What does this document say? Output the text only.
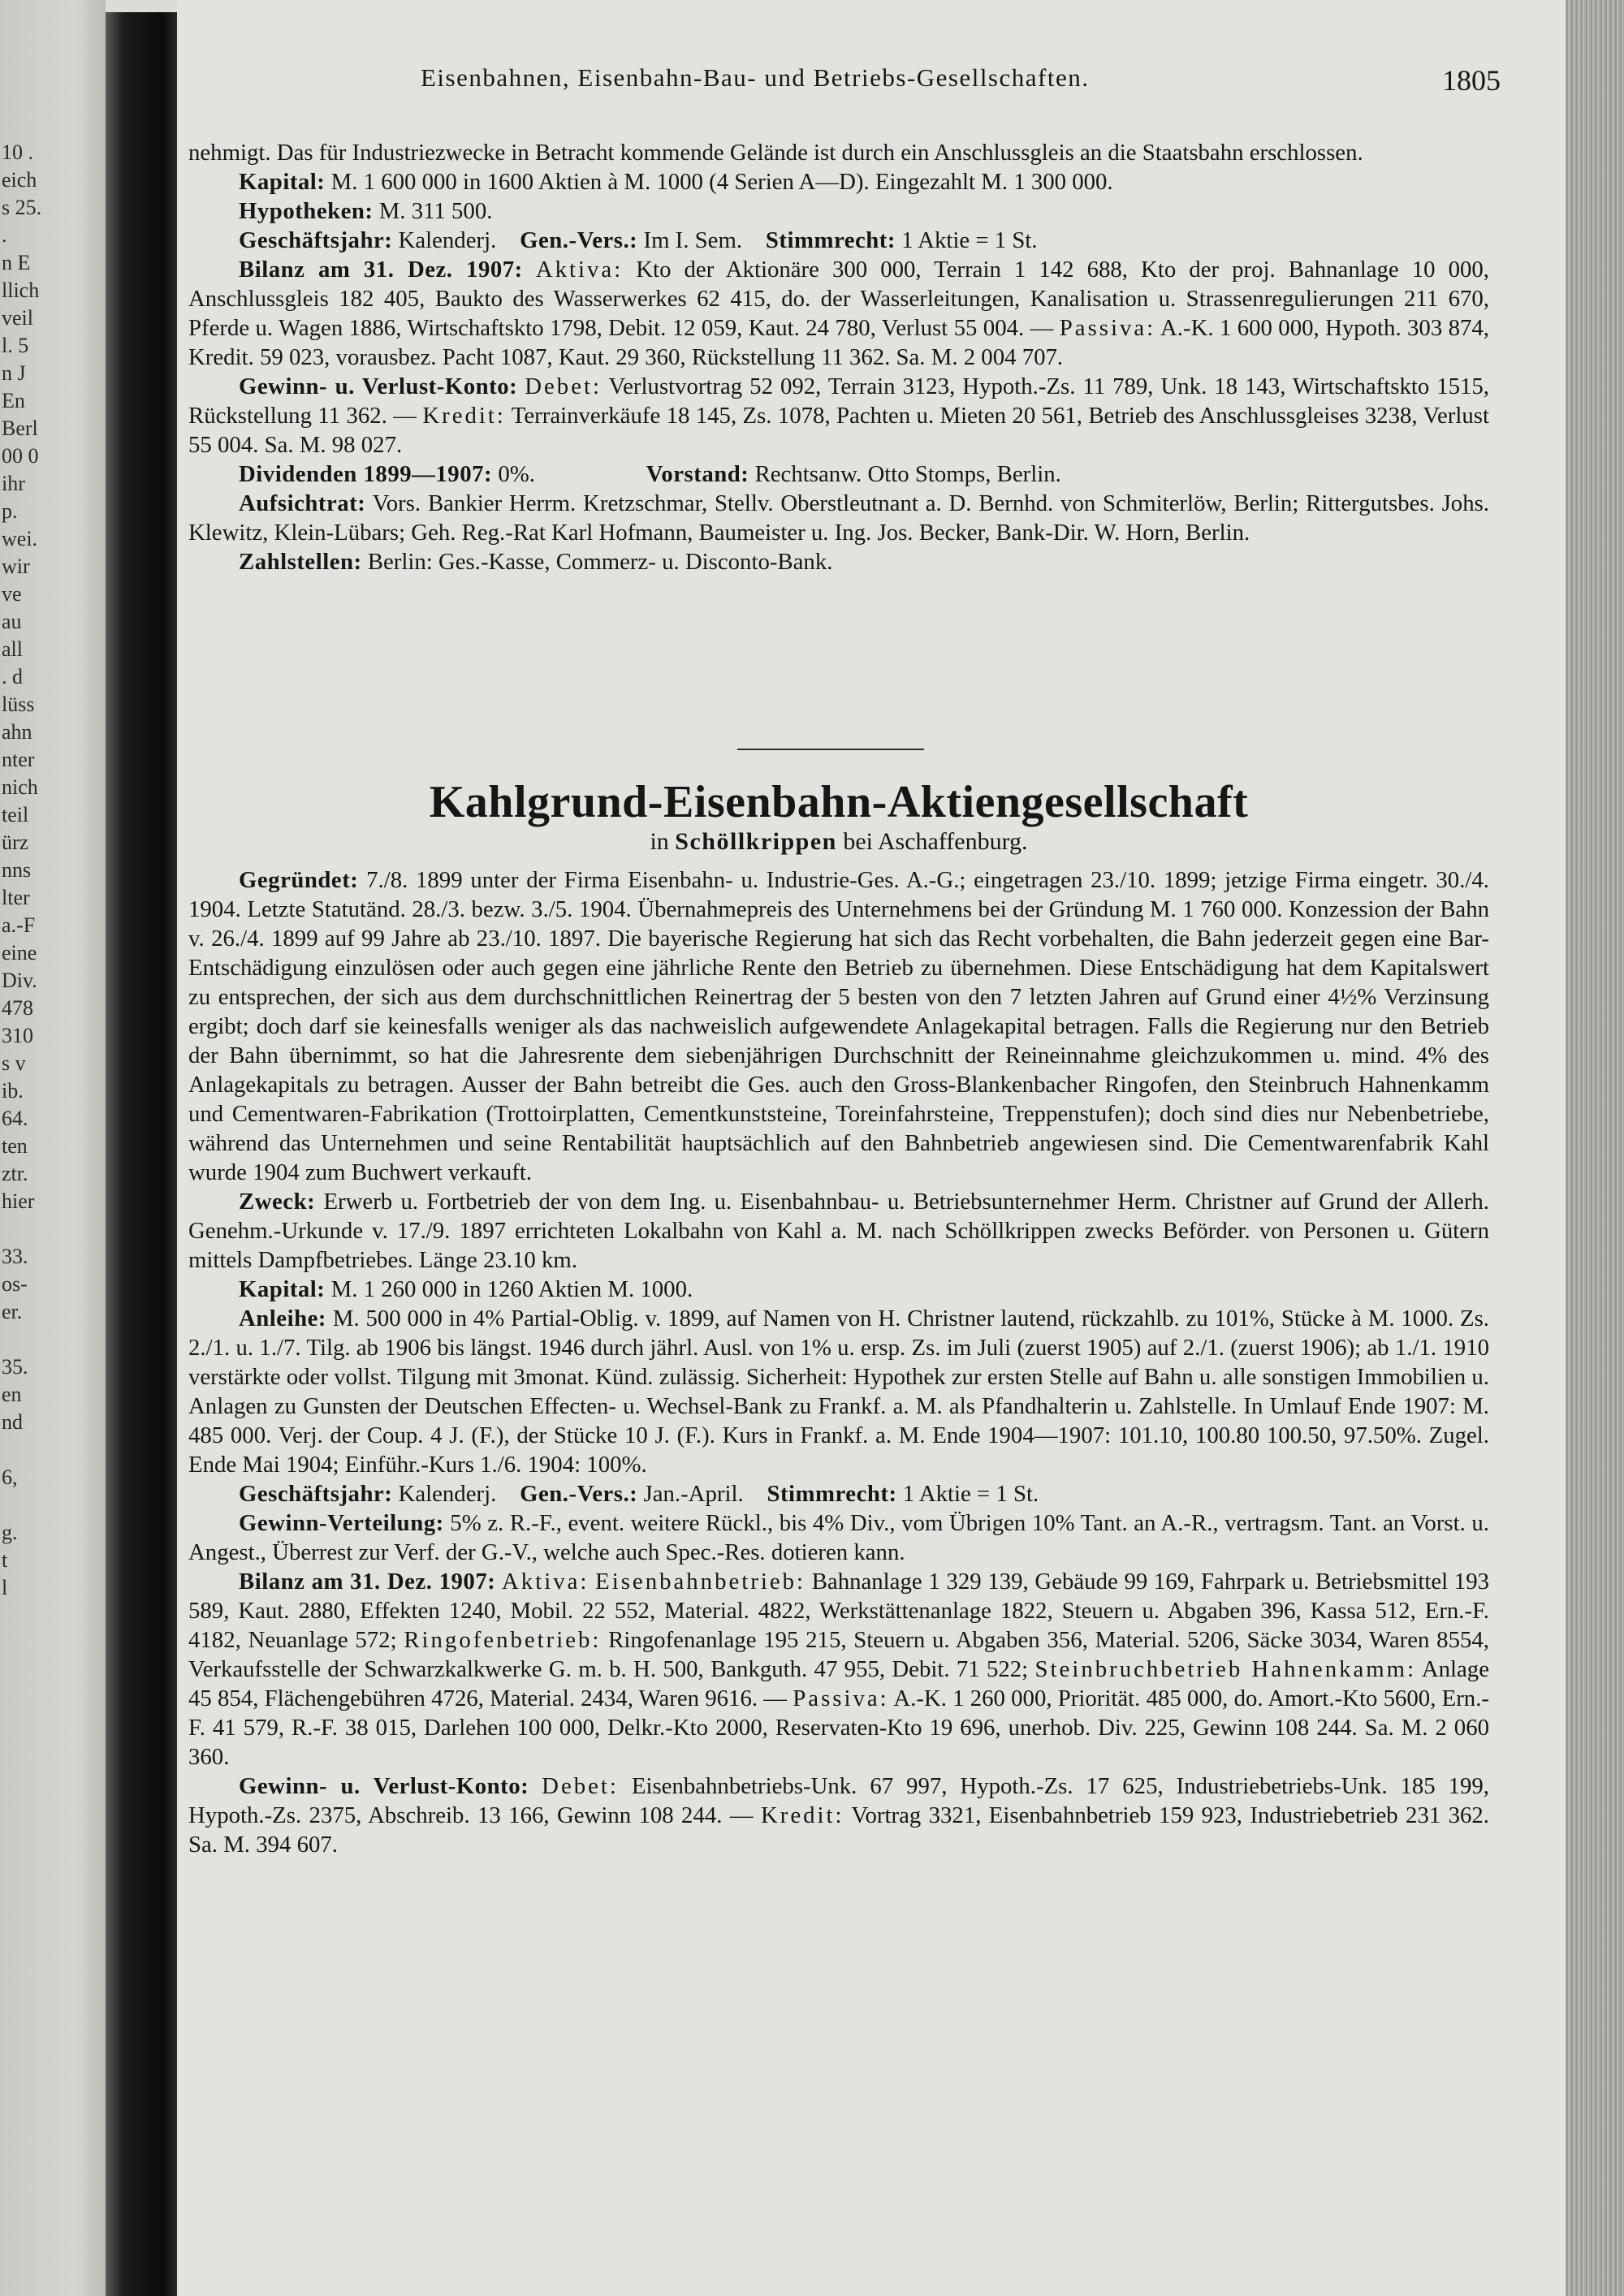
10 .
eich
s 25.
.
n E
llich
veil
l. 5
n J
En
Berl
00 0
ihr
p.
wei.
wir
ve
au
all
. d
lüss
ahn
nter
nich
teil
ürz
nns
lter
a.-F
eine
Div.
478
310
s v
ib.
64.
ten
ztr.
hier
33.
os-
er.
35.
en
nd
6,
g.
t
l
Eisenbahnen, Eisenbahn-Bau- und Betriebs-Gesellschaften.	1805

nehmigt. Das für Industriezwecke in Betracht kommende Gelände ist durch ein Anschlussgleis an die Staatsbahn erschlossen.

Kapital: M. 1 600 000 in 1600 Aktien à M. 1000 (4 Serien A—D). Eingezahlt M. 1 300 000.

Hypotheken: M. 311 500.

Geschäftsjahr: Kalenderj. Gen.-Vers.: Im I. Sem. Stimmrecht: 1 Aktie = 1 St.

Bilanz am 31. Dez. 1907: Aktiva: Kto der Aktionäre 300 000, Terrain 1 142 688, Kto der proj. Bahnanlage 10 000, Anschlussgleis 182 405, Baukto des Wasserwerkes 62 415, do. der Wasserleitungen, Kanalisation u. Strassenregulierungen 211 670, Pferde u. Wagen 1886, Wirtschaftskto 1798, Debit. 12 059, Kaut. 24 780, Verlust 55 004. — Passiva: A.-K. 1 600 000, Hypoth. 303 874, Kredit. 59 023, vorausbez. Pacht 1087, Kaut. 29 360, Rückstellung 11 362. Sa. M. 2 004 707.

Gewinn- u. Verlust-Konto: Debet: Verlustvortrag 52 092, Terrain 3123, Hypoth.-Zs. 11 789, Unk. 18 143, Wirtschaftskto 1515, Rückstellung 11 362. — Kredit: Terrainverkäufe 18 145, Zs. 1078, Pachten u. Mieten 20 561, Betrieb des Anschlussgleises 3238, Verlust 55 004. Sa. M. 98 027.

Dividenden 1899—1907: 0%.	Vorstand: Rechtsanw. Otto Stomps, Berlin.

Aufsichtrat: Vors. Bankier Herrm. Kretzschmar, Stellv. Oberstleutnant a. D. Bernhd. von Schmiterlöw, Berlin; Rittergutsbes. Johs. Klewitz, Klein-Lübars; Geh. Reg.-Rat Karl Hofmann, Baumeister u. Ing. Jos. Becker, Bank-Dir. W. Horn, Berlin.

Zahlstellen: Berlin: Ges.-Kasse, Commerz- u. Disconto-Bank.

Kahlgrund-Eisenbahn-Aktiengesellschaft
in Schöllkrippen bei Aschaffenburg.

Gegründet: 7./8. 1899 unter der Firma Eisenbahn- u. Industrie-Ges. A.-G.; eingetragen 23./10. 1899; jetzige Firma eingetr. 30./4. 1904. Letzte Statutänd. 28./3. bezw. 3./5. 1904. Übernahmepreis des Unternehmens bei der Gründung M. 1 760 000. Konzession der Bahn v. 26./4. 1899 auf 99 Jahre ab 23./10. 1897. Die bayerische Regierung hat sich das Recht vorbehalten, die Bahn jederzeit gegen eine Bar-Entschädigung einzulösen oder auch gegen eine jährliche Rente den Betrieb zu übernehmen. Diese Entschädigung hat dem Kapitalswert zu entsprechen, der sich aus dem durchschnittlichen Reinertrag der 5 besten von den 7 letzten Jahren auf Grund einer 4½% Verzinsung ergibt; doch darf sie keinesfalls weniger als das nachweislich aufgewendete Anlagekapital betragen. Falls die Regierung nur den Betrieb der Bahn übernimmt, so hat die Jahresrente dem siebenjährigen Durchschnitt der Reineinnahme gleichzukommen u. mind. 4% des Anlagekapitals zu betragen. Ausser der Bahn betreibt die Ges. auch den Gross-Blankenbacher Ringofen, den Steinbruch Hahnenkamm und Cementwaren-Fabrikation (Trottoirplatten, Cementkunststeine, Toreinfahrsteine, Treppenstufen); doch sind dies nur Nebenbetriebe, während das Unternehmen und seine Rentabilität hauptsächlich auf den Bahnbetrieb angewiesen sind. Die Cementwarenfabrik Kahl wurde 1904 zum Buchwert verkauft.

Zweck: Erwerb u. Fortbetrieb der von dem Ing. u. Eisenbahnbau- u. Betriebsunternehmer Herm. Christner auf Grund der Allerh. Genehm.-Urkunde v. 17./9. 1897 errichteten Lokalbahn von Kahl a. M. nach Schöllkrippen zwecks Beförder. von Personen u. Gütern mittels Dampfbetriebes. Länge 23.10 km.

Kapital: M. 1 260 000 in 1260 Aktien M. 1000.

Anleihe: M. 500 000 in 4% Partial-Oblig. v. 1899, auf Namen von H. Christner lautend, rückzahlb. zu 101%, Stücke à M. 1000. Zs. 2./1. u. 1./7. Tilg. ab 1906 bis längst. 1946 durch jährl. Ausl. von 1% u. ersp. Zs. im Juli (zuerst 1905) auf 2./1. (zuerst 1906); ab 1./1. 1910 verstärkte oder vollst. Tilgung mit 3monat. Künd. zulässig. Sicherheit: Hypothek zur ersten Stelle auf Bahn u. alle sonstigen Immobilien u. Anlagen zu Gunsten der Deutschen Effecten- u. Wechsel-Bank zu Frankf. a. M. als Pfandhalterin u. Zahlstelle. In Umlauf Ende 1907: M. 485 000. Verj. der Coup. 4 J. (F.), der Stücke 10 J. (F.). Kurs in Frankf. a. M. Ende 1904—1907: 101.10, 100.80 100.50, 97.50%. Zugel. Ende Mai 1904; Einführ.-Kurs 1./6. 1904: 100%.

Geschäftsjahr: Kalenderj. Gen.-Vers.: Jan.-April. Stimmrecht: 1 Aktie = 1 St.

Gewinn-Verteilung: 5% z. R.-F., event. weitere Rückl., bis 4% Div., vom Übrigen 10% Tant. an A.-R., vertragsm. Tant. an Vorst. u. Angest., Überrest zur Verf. der G.-V., welche auch Spec.-Res. dotieren kann.

Bilanz am 31. Dez. 1907: Aktiva: Eisenbahnbetrieb: Bahnanlage 1 329 139, Gebäude 99 169, Fahrpark u. Betriebsmittel 193 589, Kaut. 2880, Effekten 1240, Mobil. 22 552, Material. 4822, Werkstättenanlage 1822, Steuern u. Abgaben 396, Kassa 512, Ern.-F. 4182, Neuanlage 572; Ringofenbetrieb: Ringofenanlage 195 215, Steuern u. Abgaben 356, Material. 5206, Säcke 3034, Waren 8554, Verkaufsstelle der Schwarzkalkwerke G. m. b. H. 500, Bankguth. 47 955, Debit. 71 522; Steinbruchbetrieb Hahnenkamm: Anlage 45 854, Flächengebühren 4726, Material. 2434, Waren 9616. — Passiva: A.-K. 1 260 000, Priorität. 485 000, do. Amort.-Kto 5600, Ern.-F. 41 579, R.-F. 38 015, Darlehen 100 000, Delkr.-Kto 2000, Reservaten-Kto 19 696, unerhob. Div. 225, Gewinn 108 244. Sa. M. 2 060 360.

Gewinn- u. Verlust-Konto: Debet: Eisenbahnbetriebs-Unk. 67 997, Hypoth.-Zs. 17 625, Industriebetriebs-Unk. 185 199, Hypoth.-Zs. 2375, Abschreib. 13 166, Gewinn 108 244. — Kredit: Vortrag 3321, Eisenbahnbetrieb 159 923, Industriebetrieb 231 362. Sa. M. 394 607.
